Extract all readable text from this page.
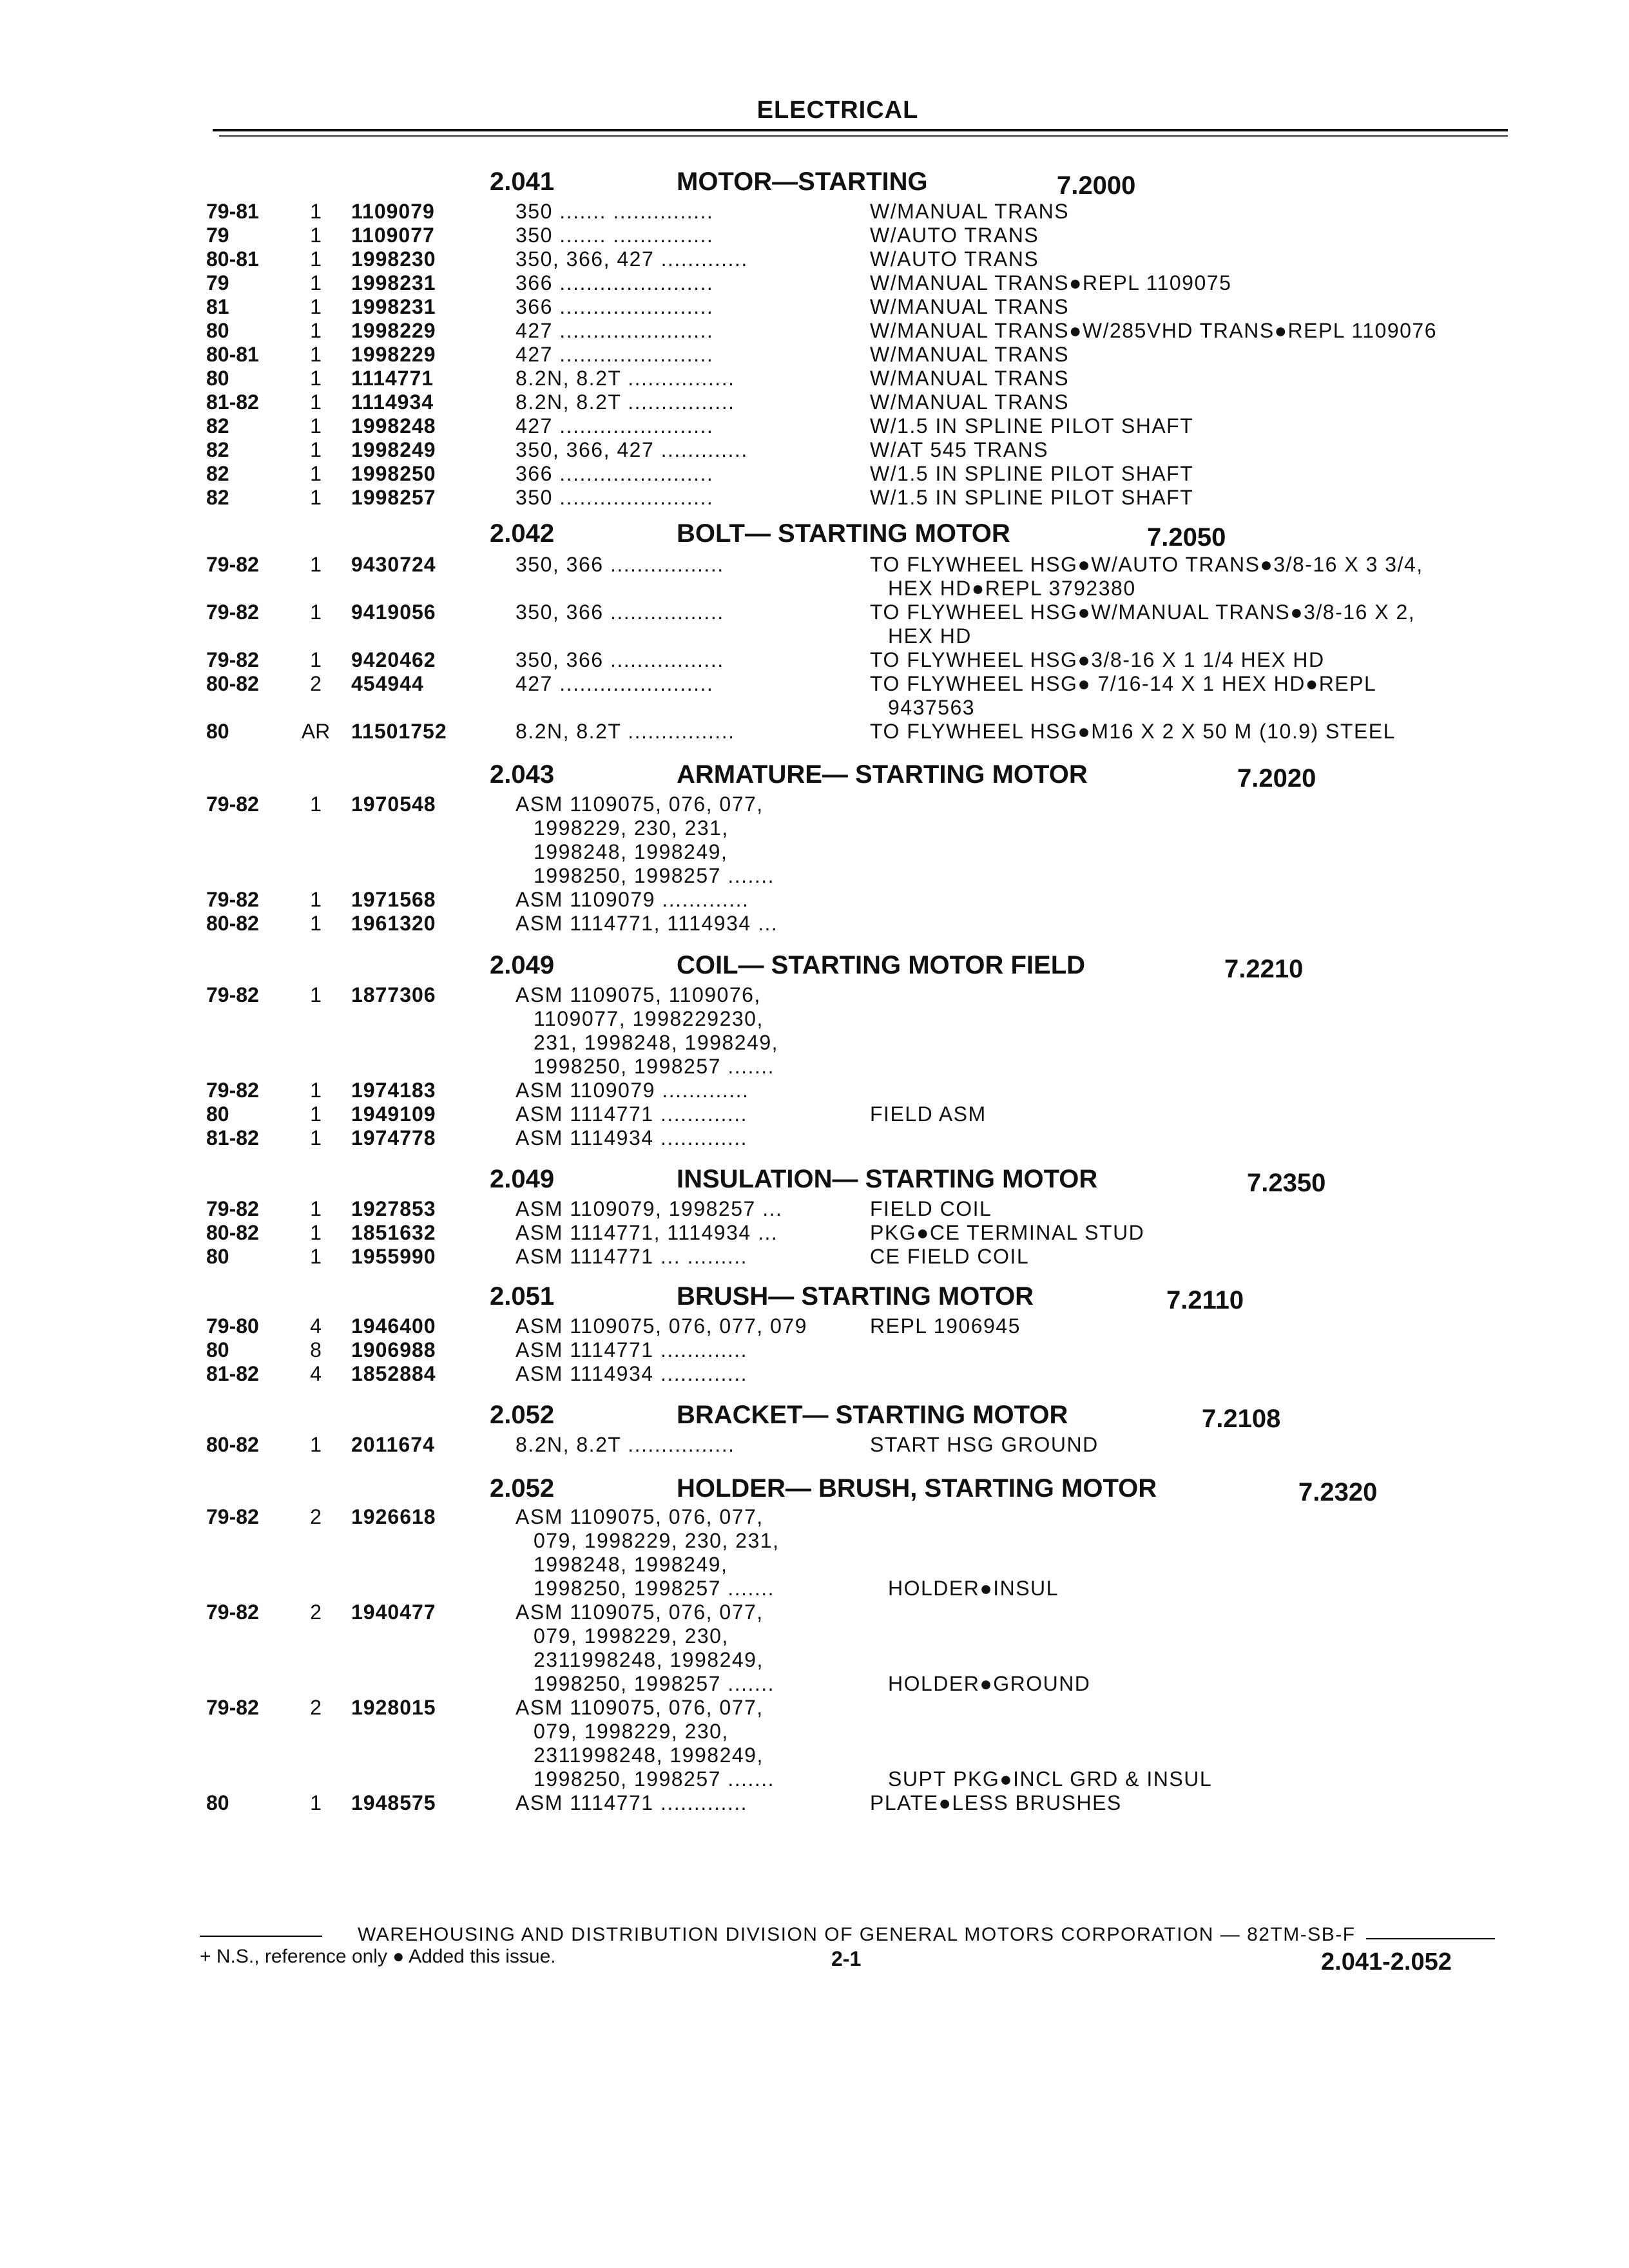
ELECTRICAL
2.041	MOTOR—STARTING	7.2000
79-81	1	1109079	350 ....... ...............	W/MANUAL TRANS
79	1	1109077	350 ....... ...............	W/AUTO TRANS
80-81	1	1998230	350, 366, 427 .............	W/AUTO TRANS
79	1	1998231	366 .......................	W/MANUAL TRANS●REPL 1109075
81	1	1998231	366 .......................	W/MANUAL TRANS
80	1	1998229	427 .......................	W/MANUAL TRANS●W/285VHD TRANS●REPL 1109076
80-81	1	1998229	427 .......................	W/MANUAL TRANS
80	1	1114771	8.2N, 8.2T ................	W/MANUAL TRANS
81-82	1	1114934	8.2N, 8.2T ................	W/MANUAL TRANS
82	1	1998248	427 .......................	W/1.5 IN SPLINE PILOT SHAFT
82	1	1998249	350, 366, 427 .............	W/AT 545 TRANS
82	1	1998250	366 .......................	W/1.5 IN SPLINE PILOT SHAFT
82	1	1998257	350 .......................	W/1.5 IN SPLINE PILOT SHAFT
2.042	BOLT— STARTING MOTOR	7.2050
79-82	1	9430724	350, 366 .................	TO FLYWHEEL HSG●W/AUTO TRANS●3/8-16 X 3 3/4,
HEX HD●REPL 3792380
79-82	1	9419056	350, 366 .................	TO FLYWHEEL HSG●W/MANUAL TRANS●3/8-16 X 2,
HEX HD
79-82	1	9420462	350, 366 .................	TO FLYWHEEL HSG●3/8-16 X 1 1/4 HEX HD
80-82	2	454944	427 .......................	TO FLYWHEEL HSG● 7/16-14 X 1 HEX HD●REPL
9437563
80	AR 11501752	8.2N, 8.2T ................	TO FLYWHEEL HSG●M16 X 2 X 50 M (10.9) STEEL
2.043	ARMATURE— STARTING MOTOR	7.2020
79-82	1	1970548	ASM 1109075, 076, 077,
1998229, 230, 231,
1998248, 1998249,
1998250, 1998257 .......
79-82	1	1971568	ASM 1109079 .............
80-82	1	1961320	ASM 1114771, 1114934 ...
2.049	COIL— STARTING MOTOR FIELD	7.2210
79-82	1	1877306	ASM 1109075, 1109076,
1109077, 1998229230,
231, 1998248, 1998249,
1998250, 1998257 .......
79-82	1	1974183	ASM 1109079 .............
80	1	1949109	ASM 1114771 .............	FIELD ASM
81-82	1	1974778	ASM 1114934 .............
2.049	INSULATION— STARTING MOTOR	7.2350
79-82	1	1927853	ASM 1109079, 1998257 ...	FIELD COIL
80-82	1	1851632	ASM 1114771, 1114934 ...	PKG●CE TERMINAL STUD
80	1	1955990	ASM 1114771 ... .........	CE FIELD COIL
2.051	BRUSH— STARTING MOTOR	7.2110
79-80	4	1946400	ASM 1109075, 076, 077, 079	REPL 1906945
80	8	1906988	ASM 1114771 .............
81-82	4	1852884	ASM 1114934 .............
2.052	BRACKET— STARTING MOTOR	7.2108
80-82	1	2011674	8.2N, 8.2T ................	START HSG GROUND
2.052	HOLDER— BRUSH, STARTING MOTOR	7.2320
79-82	2	1926618	ASM 1109075, 076, 077,
079, 1998229, 230, 231,
1998248, 1998249,
1998250, 1998257 .......	HOLDER●INSUL
79-82	2	1940477	ASM 1109075, 076, 077,
079, 1998229, 230,
2311998248, 1998249,
1998250, 1998257 .......	HOLDER●GROUND
79-82	2	1928015	ASM 1109075, 076, 077,
079, 1998229, 230,
2311998248, 1998249,
1998250, 1998257 .......	SUPT PKG●INCL GRD & INSUL
80	1	1948575	ASM 1114771 .............	PLATE●LESS BRUSHES
WAREHOUSING AND DISTRIBUTION DIVISION OF GENERAL MOTORS CORPORATION — 82TM-SB-F
+ N.S., reference only ● Added this issue.	2-1	2.041-2.052
